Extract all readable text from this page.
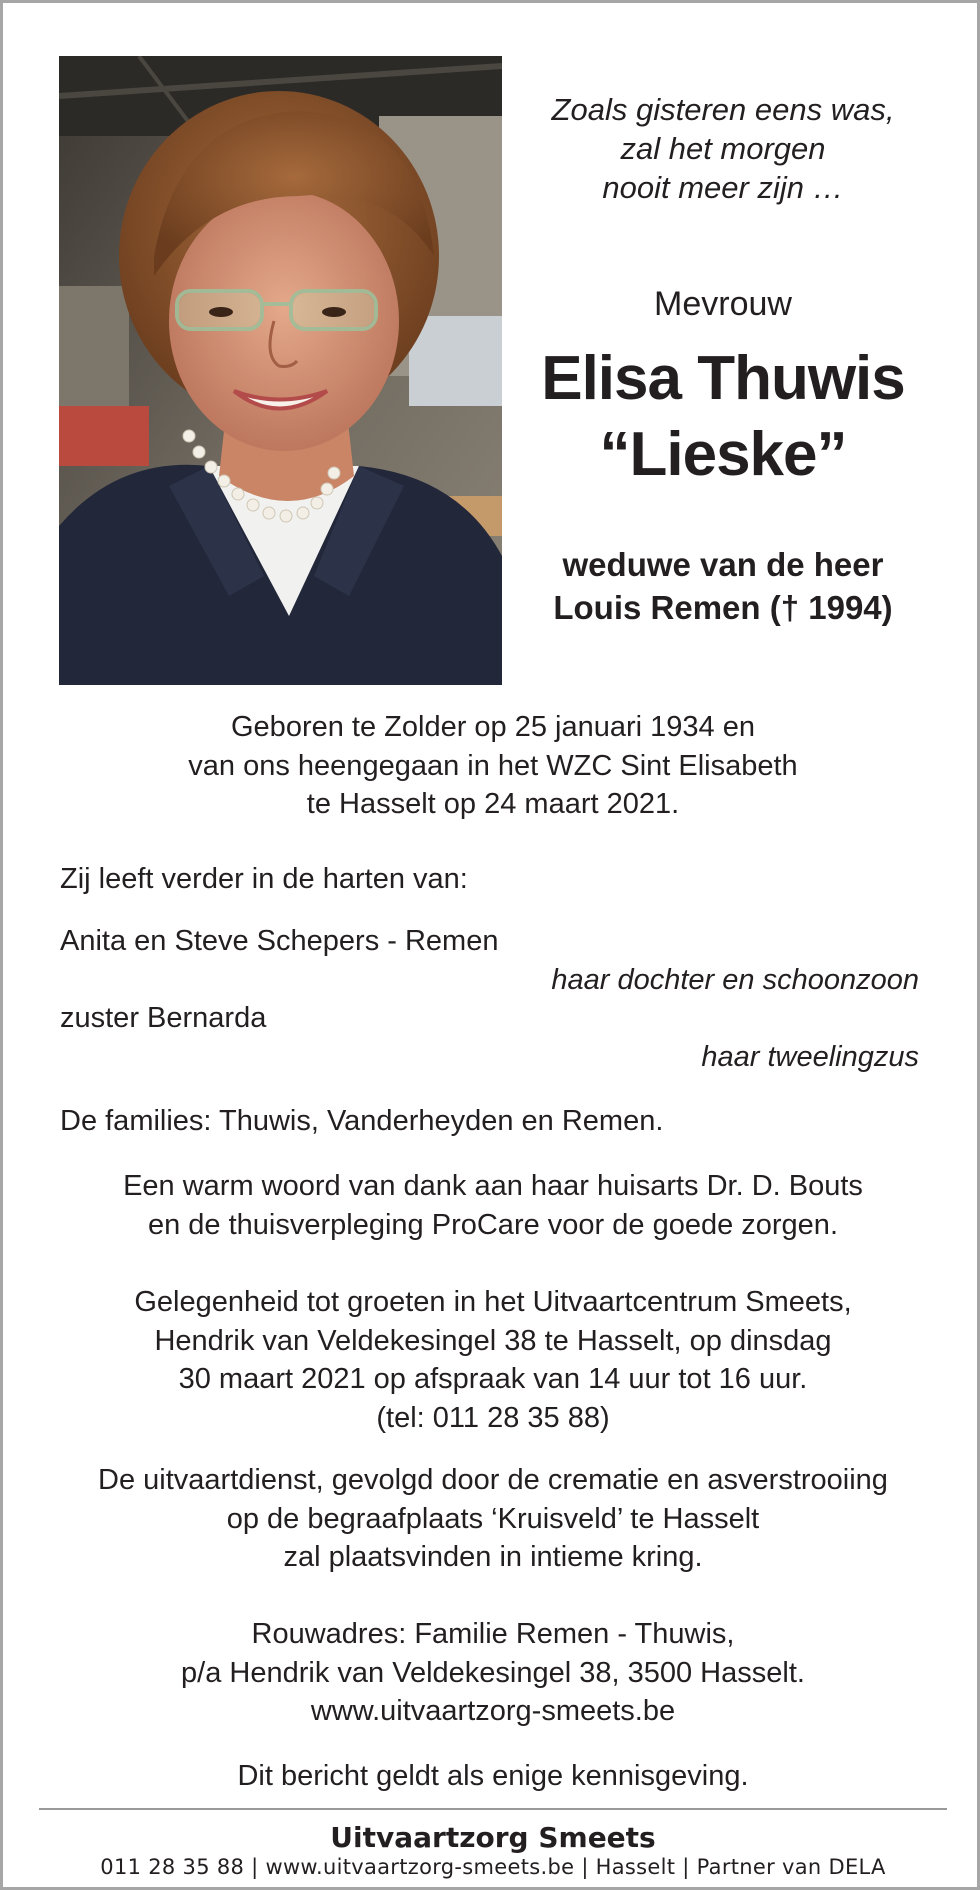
Zoals gisteren eens was,
zal het morgen
nooit meer zijn …
Mevrouw
Elisa Thuwis
“Lieske”
weduwe van de heer
Louis Remen († 1994)
Geboren te Zolder op 25 januari 1934 en
van ons heengegaan in het WZC Sint Elisabeth
te Hasselt op 24 maart 2021.
Zij leeft verder in de harten van:
Anita en Steve Schepers - Remen
haar dochter en schoonzoon
zuster Bernarda
haar tweelingzus
De families: Thuwis, Vanderheyden en Remen.
Een warm woord van dank aan haar huisarts Dr. D. Bouts
en de thuisverpleging ProCare voor de goede zorgen.
Gelegenheid tot groeten in het Uitvaartcentrum Smeets,
Hendrik van Veldekesingel 38 te Hasselt, op dinsdag
30 maart 2021 op afspraak van 14 uur tot 16 uur.
(tel: 011 28 35 88)
De uitvaartdienst, gevolgd door de crematie en asverstrooiing
op de begraafplaats ‘Kruisveld’ te Hasselt
zal plaatsvinden in intieme kring.
Rouwadres: Familie Remen - Thuwis,
p/a Hendrik van Veldekesingel 38, 3500 Hasselt.
www.uitvaartzorg-smeets.be
Dit bericht geldt als enige kennisgeving.
Uitvaartzorg Smeets
011 28 35 88 | www.uitvaartzorg-smeets.be | Hasselt | Partner van DELA
